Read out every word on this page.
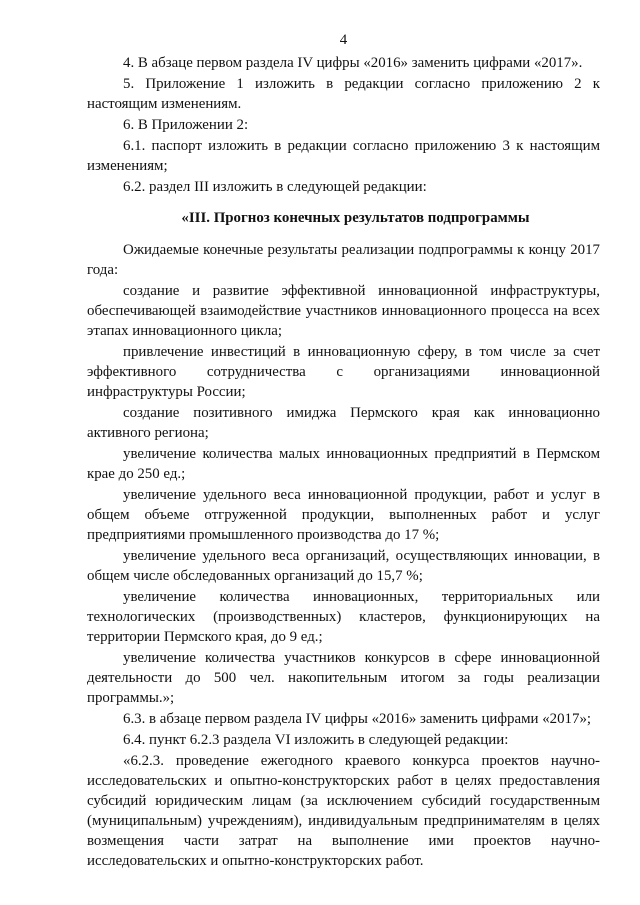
4

4. В абзаце первом раздела IV цифры «2016» заменить цифрами «2017».

5. Приложение 1 изложить в редакции согласно приложению 2 к настоящим изменениям.

6. В Приложении 2:

6.1. паспорт изложить в редакции согласно приложению 3 к настоящим изменениям;

6.2. раздел III изложить в следующей редакции:

«III. Прогноз конечных результатов подпрограммы

Ожидаемые конечные результаты реализации подпрограммы к концу 2017 года:

создание и развитие эффективной инновационной инфраструктуры, обеспечивающей взаимодействие участников инновационного процесса на всех этапах инновационного цикла;

привлечение инвестиций в инновационную сферу, в том числе за счет эффективного сотрудничества с организациями инновационной инфраструктуры России;

создание позитивного имиджа Пермского края как инновационно активного региона;

увеличение количества малых инновационных предприятий в Пермском крае до 250 ед.;

увеличение удельного веса инновационной продукции, работ и услуг в общем объеме отгруженной продукции, выполненных работ и услуг предприятиями промышленного производства до 17 %;

увеличение удельного веса организаций, осуществляющих инновации, в общем числе обследованных организаций до 15,7 %;

увеличение количества инновационных, территориальных или технологических (производственных) кластеров, функционирующих на территории Пермского края, до 9 ед.;

увеличение количества участников конкурсов в сфере инновационной деятельности до 500 чел. накопительным итогом за годы реализации программы.»;

6.3. в абзаце первом раздела IV цифры «2016» заменить цифрами «2017»;

6.4. пункт 6.2.3 раздела VI изложить в следующей редакции:

«6.2.3. проведение ежегодного краевого конкурса проектов научно-исследовательских и опытно-конструкторских работ в целях предоставления субсидий юридическим лицам (за исключением субсидий государственным (муниципальным) учреждениям), индивидуальным предпринимателям в целях возмещения части затрат на выполнение ими проектов научно-исследовательских и опытно-конструкторских работ.
